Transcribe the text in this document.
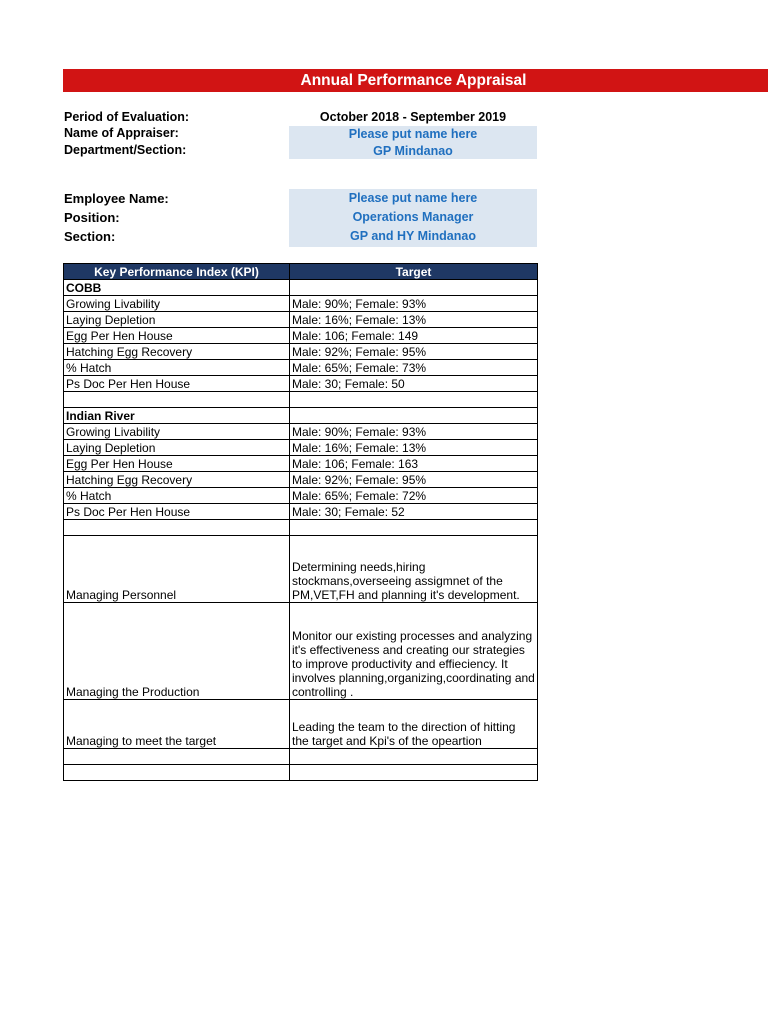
Annual Performance Appraisal
Period of Evaluation:	October 2018 - September 2019
Name of Appraiser:	Please put name here
Department/Section:	GP Mindanao
Employee Name:	Please put name here
Position:	Operations Manager
Section:	GP and HY Mindanao
Key Performance Index (KPI)	Target
COBB	
Growing Livability	Male: 90%; Female: 93%
Laying Depletion	Male: 16%; Female: 13%
Egg Per Hen House	Male: 106; Female: 149
Hatching Egg Recovery	Male: 92%; Female: 95%
% Hatch	Male: 65%; Female: 73%
Ps Doc Per Hen House	Male: 30; Female: 50

Indian River	
Growing Livability	Male: 90%; Female: 93%
Laying Depletion	Male: 16%; Female: 13%
Egg Per Hen House	Male: 106; Female: 163
Hatching Egg Recovery	Male: 92%; Female: 95%
% Hatch	Male: 65%; Female: 72%
Ps Doc Per Hen House	Male: 30; Female: 52

Managing Personnel	Determining needs,hiring stockmans,overseeing assigmnet of the PM,VET,FH and planning it's development.
Managing the Production	Monitor our existing processes and analyzing it's effectiveness and creating our strategies to improve productivity and effieciency. It involves planning,organizing,coordinating and controlling .
Managing to meet the target	Leading the team to the direction of hitting the target and Kpi's of the opeartion
